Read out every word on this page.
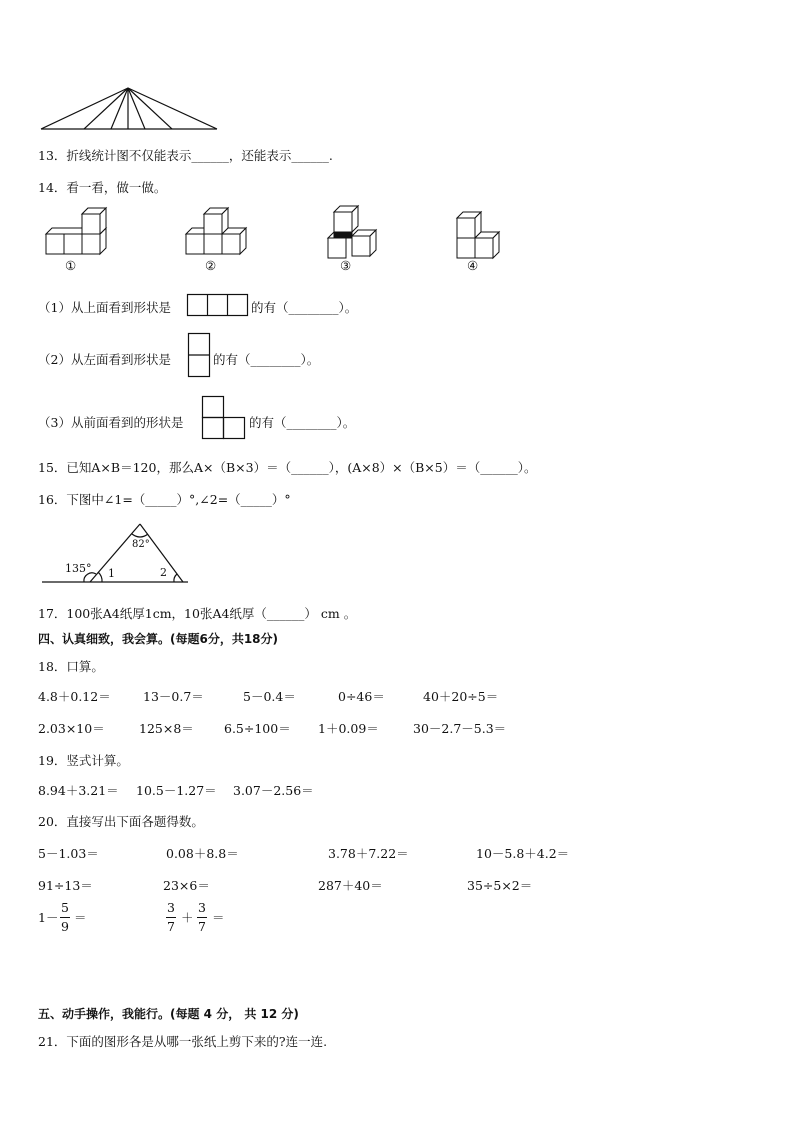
13．折线统计图不仅能表示______，还能表示______.
14．看一看，做一做。
①	②	③	④
（1）从上面看到形状是	的有（________）。
（2）从左面看到形状是	的有（________）。
（3）从前面看到的形状是	的有（________）。
15．已知A×B＝120，那么A×（B×3）＝（______），(A×8）×（B×5）＝（______）。
16．下图中∠1=（_____）°,∠2=（_____）°
135°
82°
1	2
17．100张A4纸厚1cm，10张A4纸厚（______） cm 。
四、认真细致，我会算。(每题6分，共18分)
18．口算。
4.8＋0.12＝	13－0.7＝	5－0.4＝	0÷46＝	40＋20÷5＝
2.03×10＝	125×8＝ 6.5÷100＝ 1＋0.09＝	30－2.7－5.3＝
19．竖式计算。
8.94＋3.21＝ 10.5－1.27＝ 3.07－2.56＝
20．直接写出下面各题得数。
5－1.03＝	0.08＋8.8＝	3.78＋7.22＝	10－5.8＋4.2＝
91÷13＝	23×6＝	287＋40＝	35÷5×2＝
$1- \frac{5}{9}$ ＝	$\frac{3}{7} + \frac{3}{7}$ ＝
五、动手操作，我能行。(每题 4 分， 共 12 分)
21．下面的图形各是从哪一张纸上剪下来的?连一连.
